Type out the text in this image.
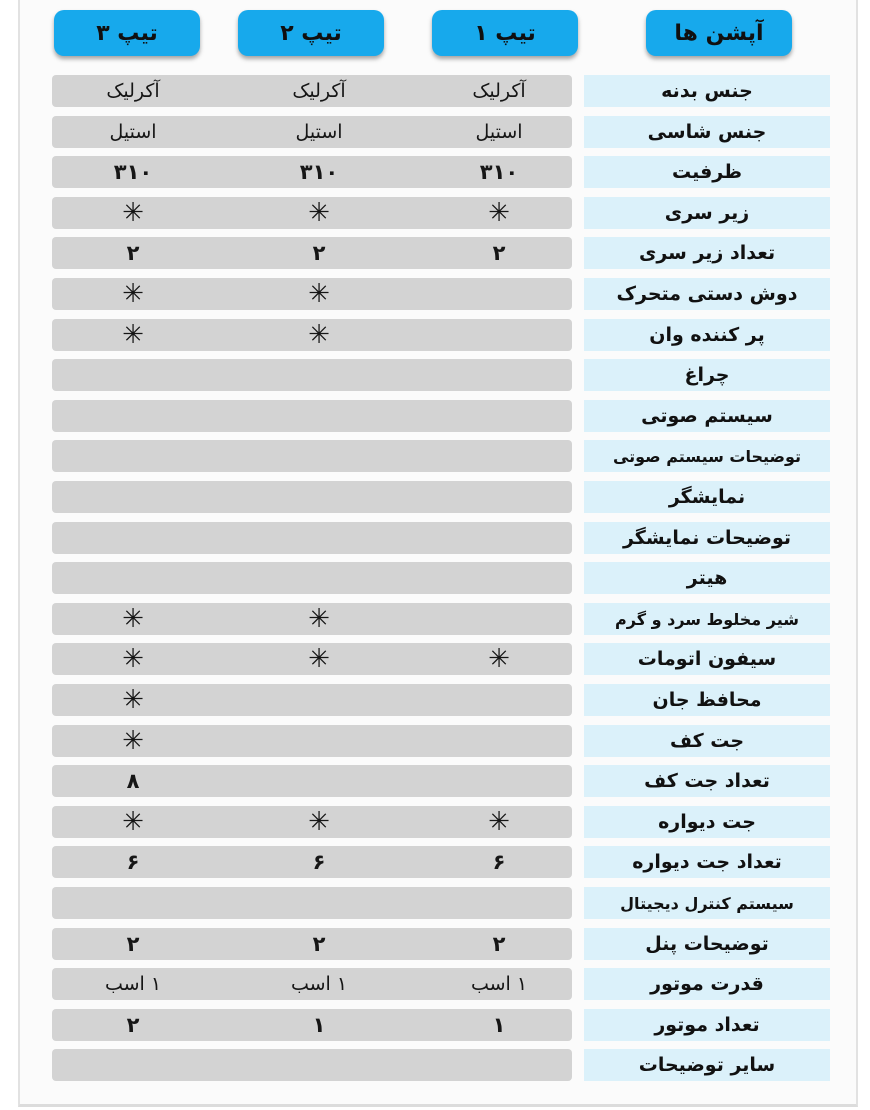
آپشن ها
تیپ ۱
تیپ ۲
تیپ ۳
جنس بدنه
آکرلیک
آکرلیک
آکرلیک
جنس شاسی
استیل
استیل
استیل
ظرفیت
۳۱۰
۳۱۰
۳۱۰
زیر سری
✳
✳
✳
تعداد زیر سری
۲
۲
۲
دوش دستی متحرک
✳
✳
پر کننده وان
✳
✳
چراغ
سیستم صوتی
توضیحات سیستم صوتی
نمایشگر
توضیحات نمایشگر
هیتر
شیر مخلوط سرد و گرم
✳
✳
سیفون اتومات
✳
✳
✳
محافظ جان
✳
جت کف
✳
تعداد جت کف
۸
جت دیواره
✳
✳
✳
تعداد جت دیواره
۶
۶
۶
سیستم کنترل دیجیتال
توضیحات پنل
۲
۲
۲
قدرت موتور
۱ اسب
۱ اسب
۱ اسب
تعداد موتور
۱
۱
۲
سایر توضیحات
